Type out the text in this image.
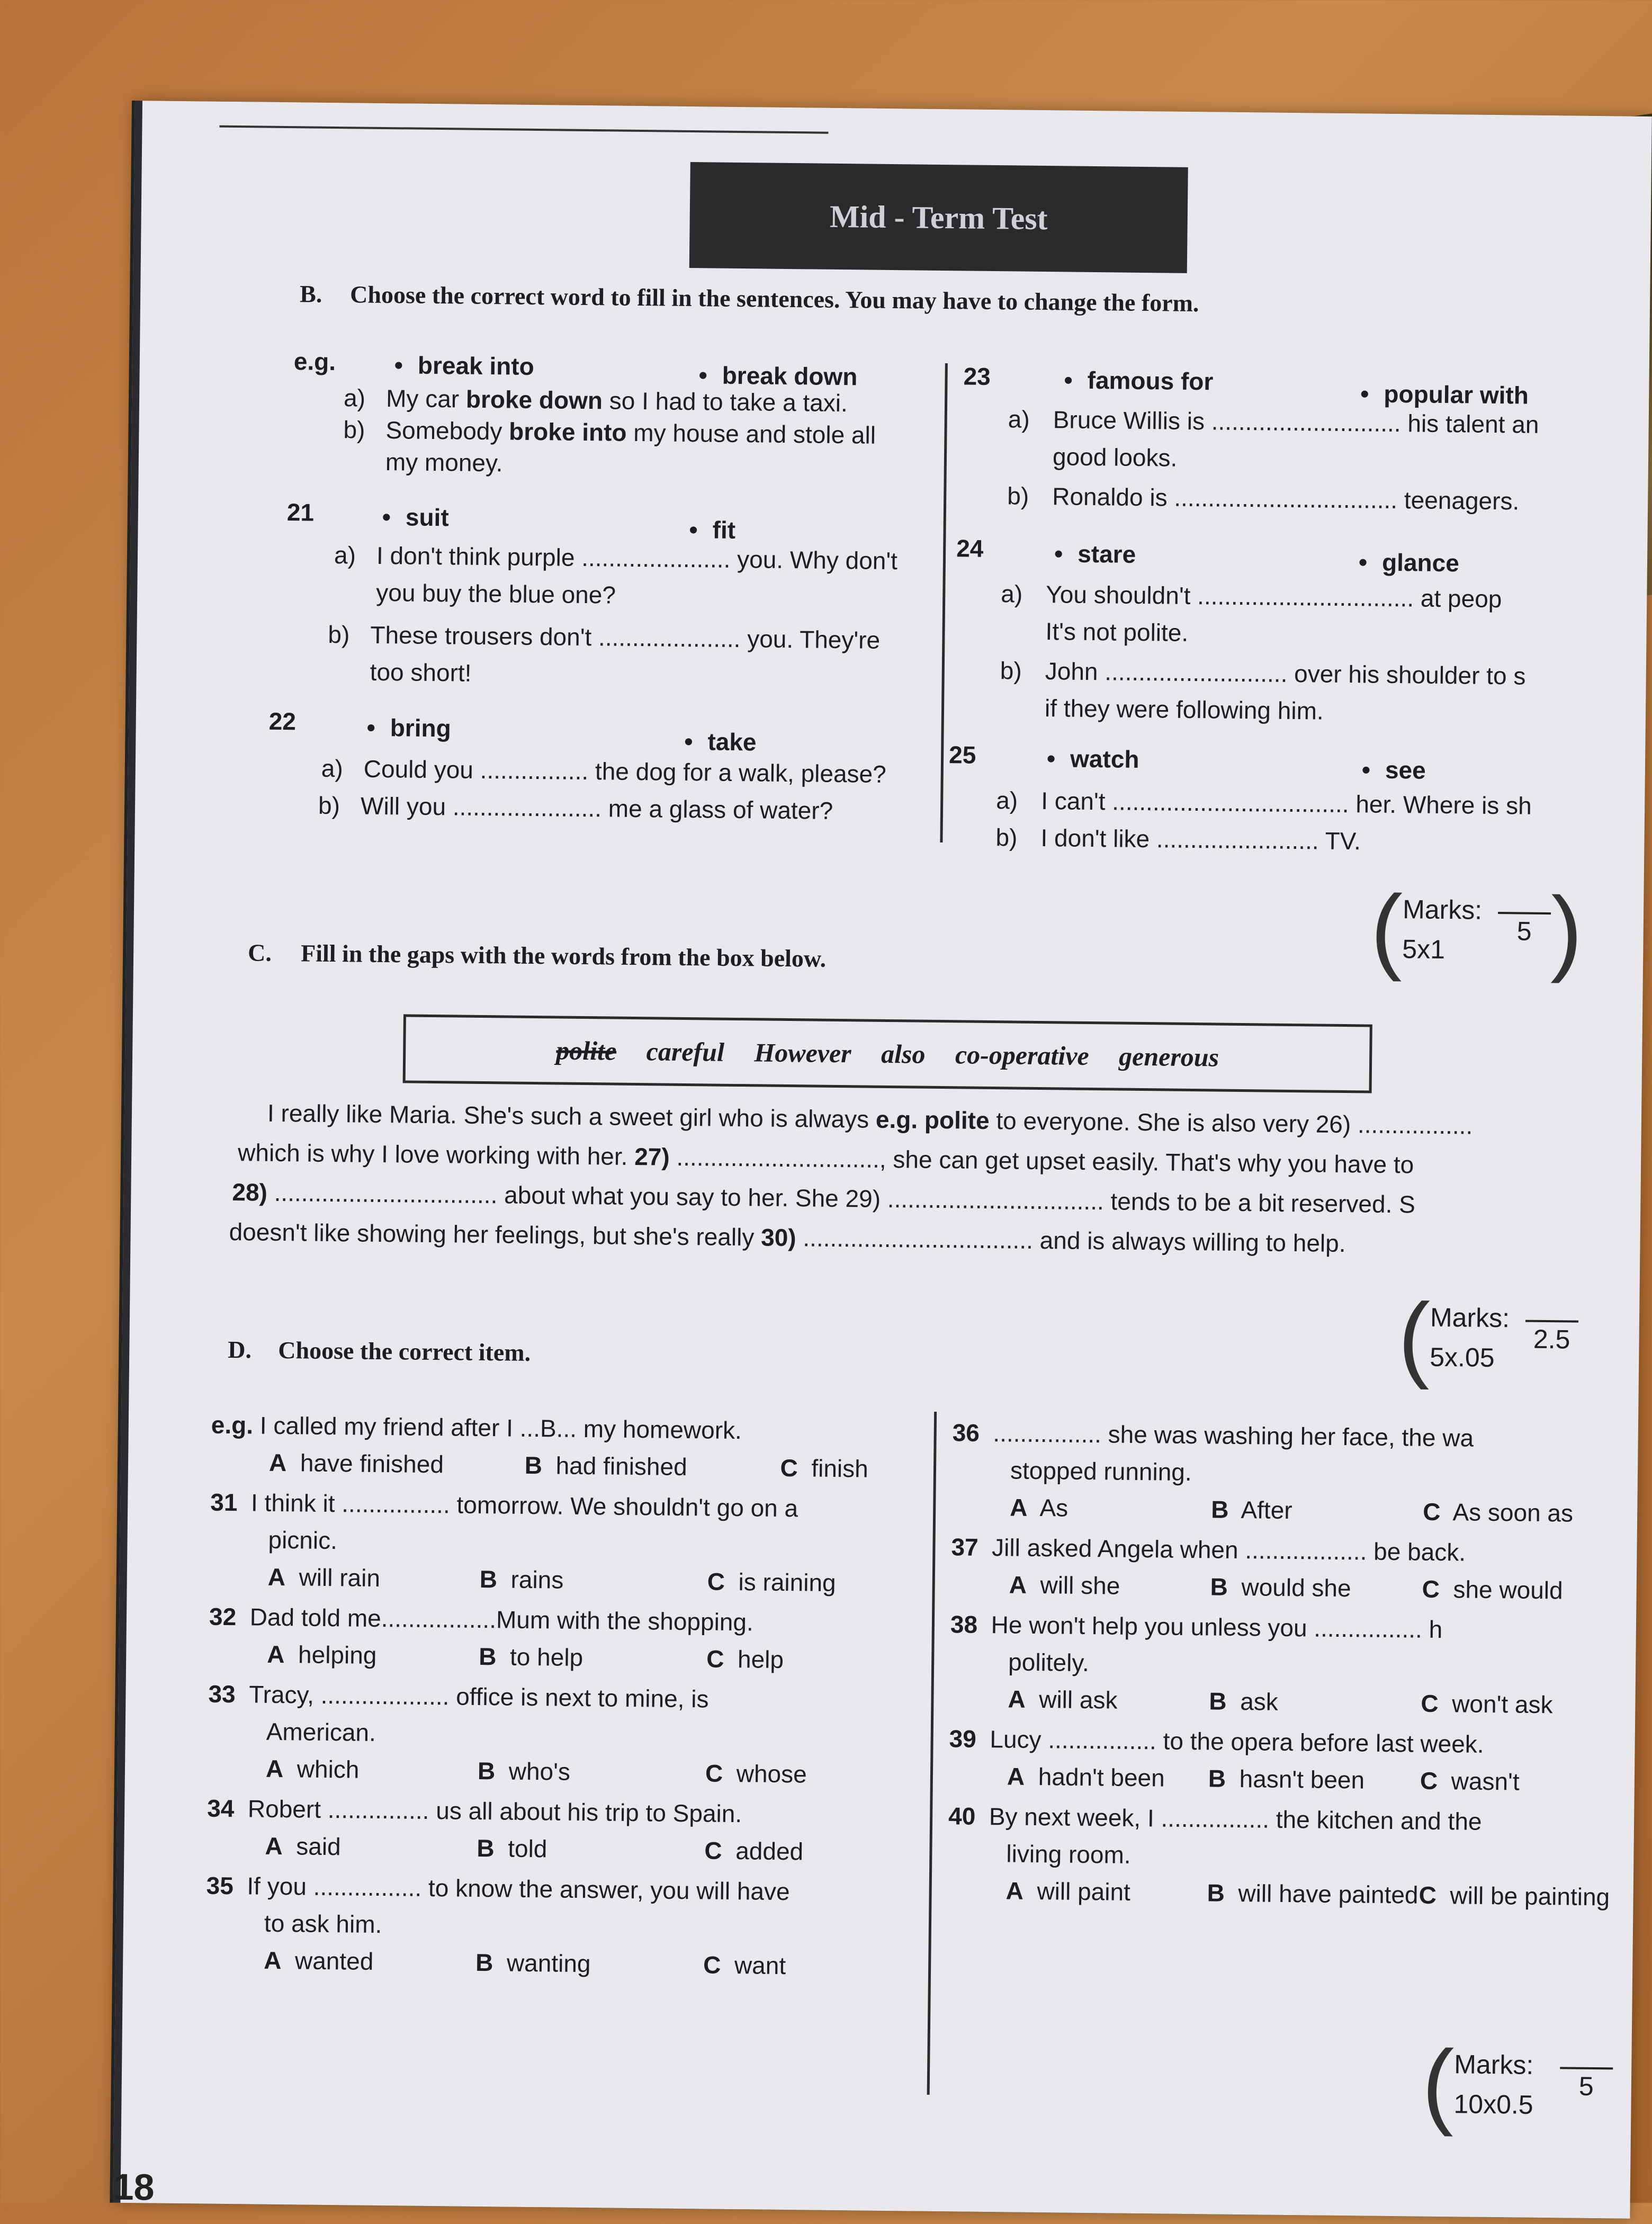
Mid - Term Test
B. Choose the correct word to fill in the sentences. You may have to change the form.
e.g.	• break into	• break down
a) My car broke down so I had to take a taxi.
b) Somebody broke into my house and stole all
my money.
21	• suit	• fit
a) I don't think purple ...................... you. Why don't
you buy the blue one?
b) These trousers don't ..................... you. They're
too short!
22	• bring	• take
a) Could you ................ the dog for a walk, please?
b) Will you ...................... me a glass of water?
23	• famous for	• popular with
a) Bruce Willis is ............................ his talent an
good looks.
b) Ronaldo is ................................. teenagers.
24	• stare	• glance
a) You shouldn't ................................ at peop
It's not polite.
b) John ........................... over his shoulder to s
if they were following him.
25	• watch	• see
a) I can't ................................... her. Where is sh
b) I don't like ........................ TV.
( Marks:
5x1
5 )
C. Fill in the gaps with the words from the box below.
polite careful However also co-operative generous
I really like Maria. She's such a sweet girl who is always e.g. polite to everyone. She is also very 26) .................
which is why I love working with her. 27) .............................., she can get upset easily. That's why you have to
28) ................................. about what you say to her. She 29) ................................ tends to be a bit reserved. S
doesn't like showing her feelings, but she's really 30) .................................. and is always willing to help.
( Marks:
5x.05
2.5
D. Choose the correct item.
e.g. I called my friend after I ...B... my homework.
A have finished	B had finished	C finish
31 I think it ................ tomorrow. We shouldn't go on a
picnic.
A will rain	B rains	C is raining
32 Dad told me.................Mum with the shopping.
A helping	B to help	C help
33 Tracy, ................... office is next to mine, is
American.
A which	B who's	C whose
34 Robert ............... us all about his trip to Spain.
A said	B told	C added
35 If you ................ to know the answer, you will have
to ask him.
A wanted	B wanting	C want
36 ................ she was washing her face, the wa
stopped running.
A As	B After	C As soon as
37 Jill asked Angela when .................. be back.
A will she	B would she	C she would
38 He won't help you unless you ................ h
politely.
A will ask	B ask	C won't ask
39 Lucy ................ to the opera before last week.
A hadn't been B hasn't been C wasn't
40 By next week, I ................ the kitchen and the
living room.
A will paint	B will have paintedC will be painting
( Marks:
10x0.5
5
18
